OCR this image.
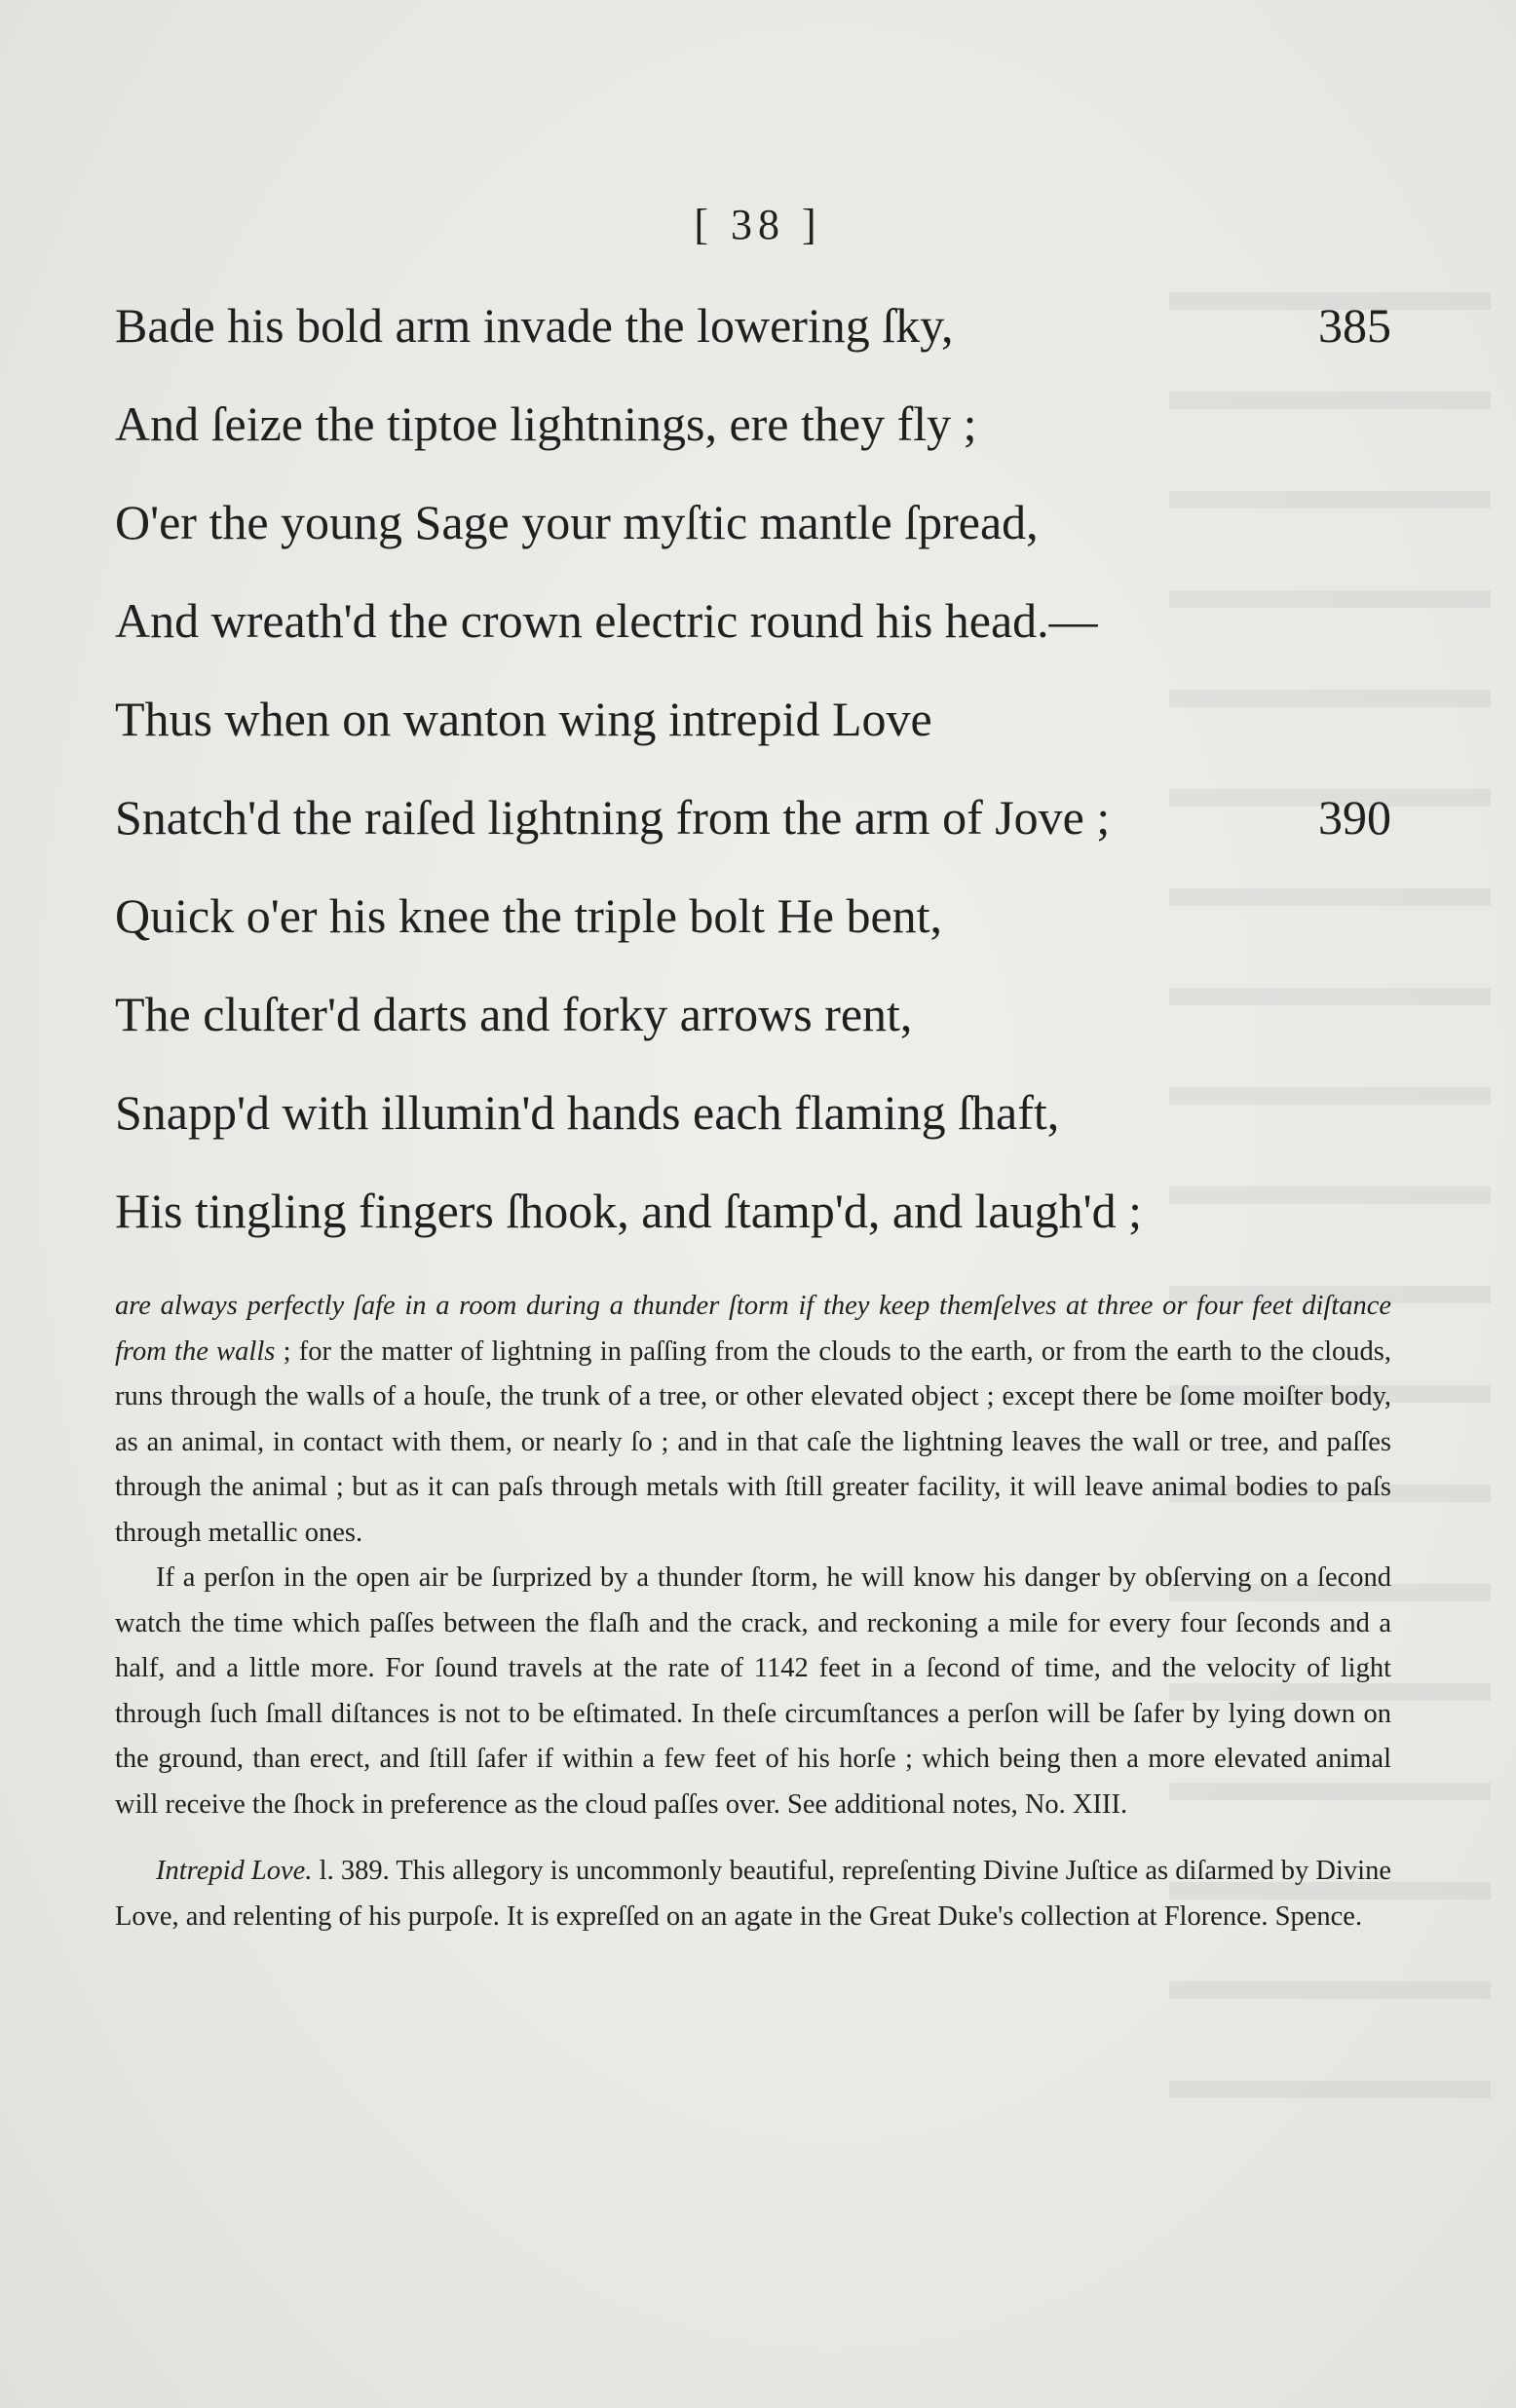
[ 38 ]
Bade his bold arm invade the lowering ſky,	385
And ſeize the tiptoe lightnings, ere they fly ;
O'er the young Sage your myſtic mantle ſpread,
And wreath'd the crown electric round his head.—
Thus when on wanton wing intrepid Love
Snatch'd the raiſed lightning from the arm of Jove ;	390
Quick o'er his knee the triple bolt He bent,
The cluſter'd darts and forky arrows rent,
Snapp'd with illumin'd hands each flaming ſhaft,
His tingling fingers ſhook, and ſtamp'd, and laugh'd ;

are always perfectly ſafe in a room during a thunder ſtorm if they keep themſelves at three or four feet diſtance from the walls ; for the matter of lightning in paſſing from the clouds to the earth, or from the earth to the clouds, runs through the walls of a houſe, the trunk of a tree, or other elevated object ; except there be ſome moiſter body, as an animal, in contact with them, or nearly ſo ; and in that caſe the lightning leaves the wall or tree, and paſſes through the animal ; but as it can paſs through metals with ſtill greater facility, it will leave animal bodies to paſs through metallic ones.

If a perſon in the open air be ſurprized by a thunder ſtorm, he will know his danger by obſerving on a ſecond watch the time which paſſes between the flaſh and the crack, and reckoning a mile for every four ſeconds and a half, and a little more. For ſound travels at the rate of 1142 feet in a ſecond of time, and the velocity of light through ſuch ſmall diſtances is not to be eſtimated. In theſe circumſtances a perſon will be ſafer by lying down on the ground, than erect, and ſtill ſafer if within a few feet of his horſe ; which being then a more elevated animal will receive the ſhock in preference as the cloud paſſes over. See additional notes, No. XIII.

Intrepid Love. l. 389. This allegory is uncommonly beautiful, repreſenting Divine Juſtice as diſarmed by Divine Love, and relenting of his purpoſe. It is expreſſed on an agate in the Great Duke's collection at Florence. Spence.
